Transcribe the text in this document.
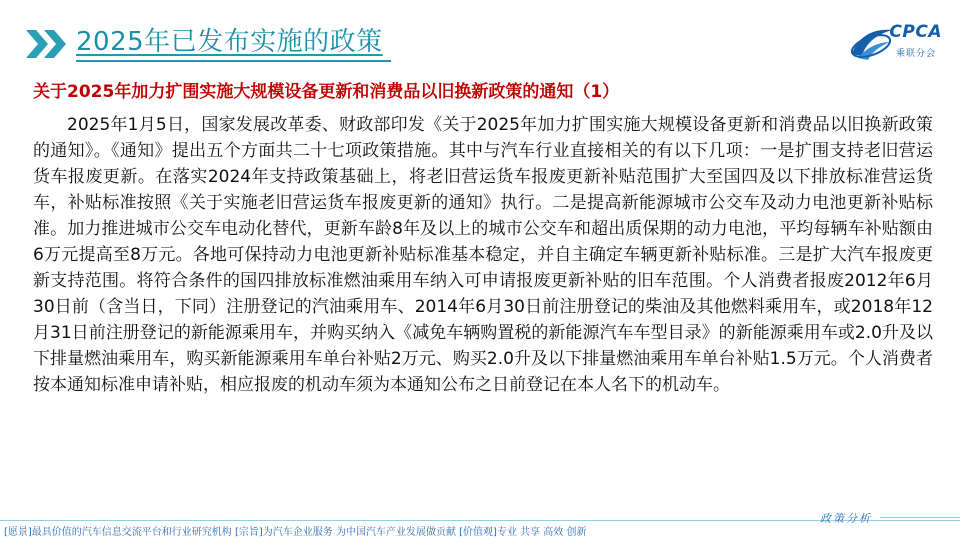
2025年已发布实施的政策	CPCA
乘联分会
关于2025年加力扩围实施大规模设备更新和消费品以旧换新政策的通知（1）

2025年1月5日，国家发展改革委、财政部印发《关于2025年加力扩围实施大规模设备更新和消费品以旧换新政策的通知》。《通知》提出五个方面共二十七项政策措施。其中与汽车行业直接相关的有以下几项：一是扩围支持老旧营运货车报废更新。在落实2024年支持政策基础上，将老旧营运货车报废更新补贴范围扩大至国四及以下排放标准营运货车，补贴标准按照《关于实施老旧营运货车报废更新的通知》执行。二是提高新能源城市公交车及动力电池更新补贴标准。加力推进城市公交车电动化替代，更新车龄8年及以上的城市公交车和超出质保期的动力电池，平均每辆车补贴额由6万元提高至8万元。各地可保持动力电池更新补贴标准基本稳定，并自主确定车辆更新补贴标准。三是扩大汽车报废更新支持范围。将符合条件的国四排放标准燃油乘用车纳入可申请报废更新补贴的旧车范围。个人消费者报废2012年6月30日前（含当日，下同）注册登记的汽油乘用车、2014年6月30日前注册登记的柴油及其他燃料乘用车，或2018年12月31日前注册登记的新能源乘用车，并购买纳入《减免车辆购置税的新能源汽车车型目录》的新能源乘用车或2.0升及以下排量燃油乘用车，购买新能源乘用车单台补贴2万元、购买2.0升及以下排量燃油乘用车单台补贴1.5万元。个人消费者按本通知标准申请补贴，相应报废的机动车须为本通知公布之日前登记在本人名下的机动车。

政策分析
[愿景]最具价值的汽车信息交流平台和行业研究机构 [宗旨]为汽车企业服务 为中国汽车产业发展做贡献 [价值观]专业 共享 高效 创新
